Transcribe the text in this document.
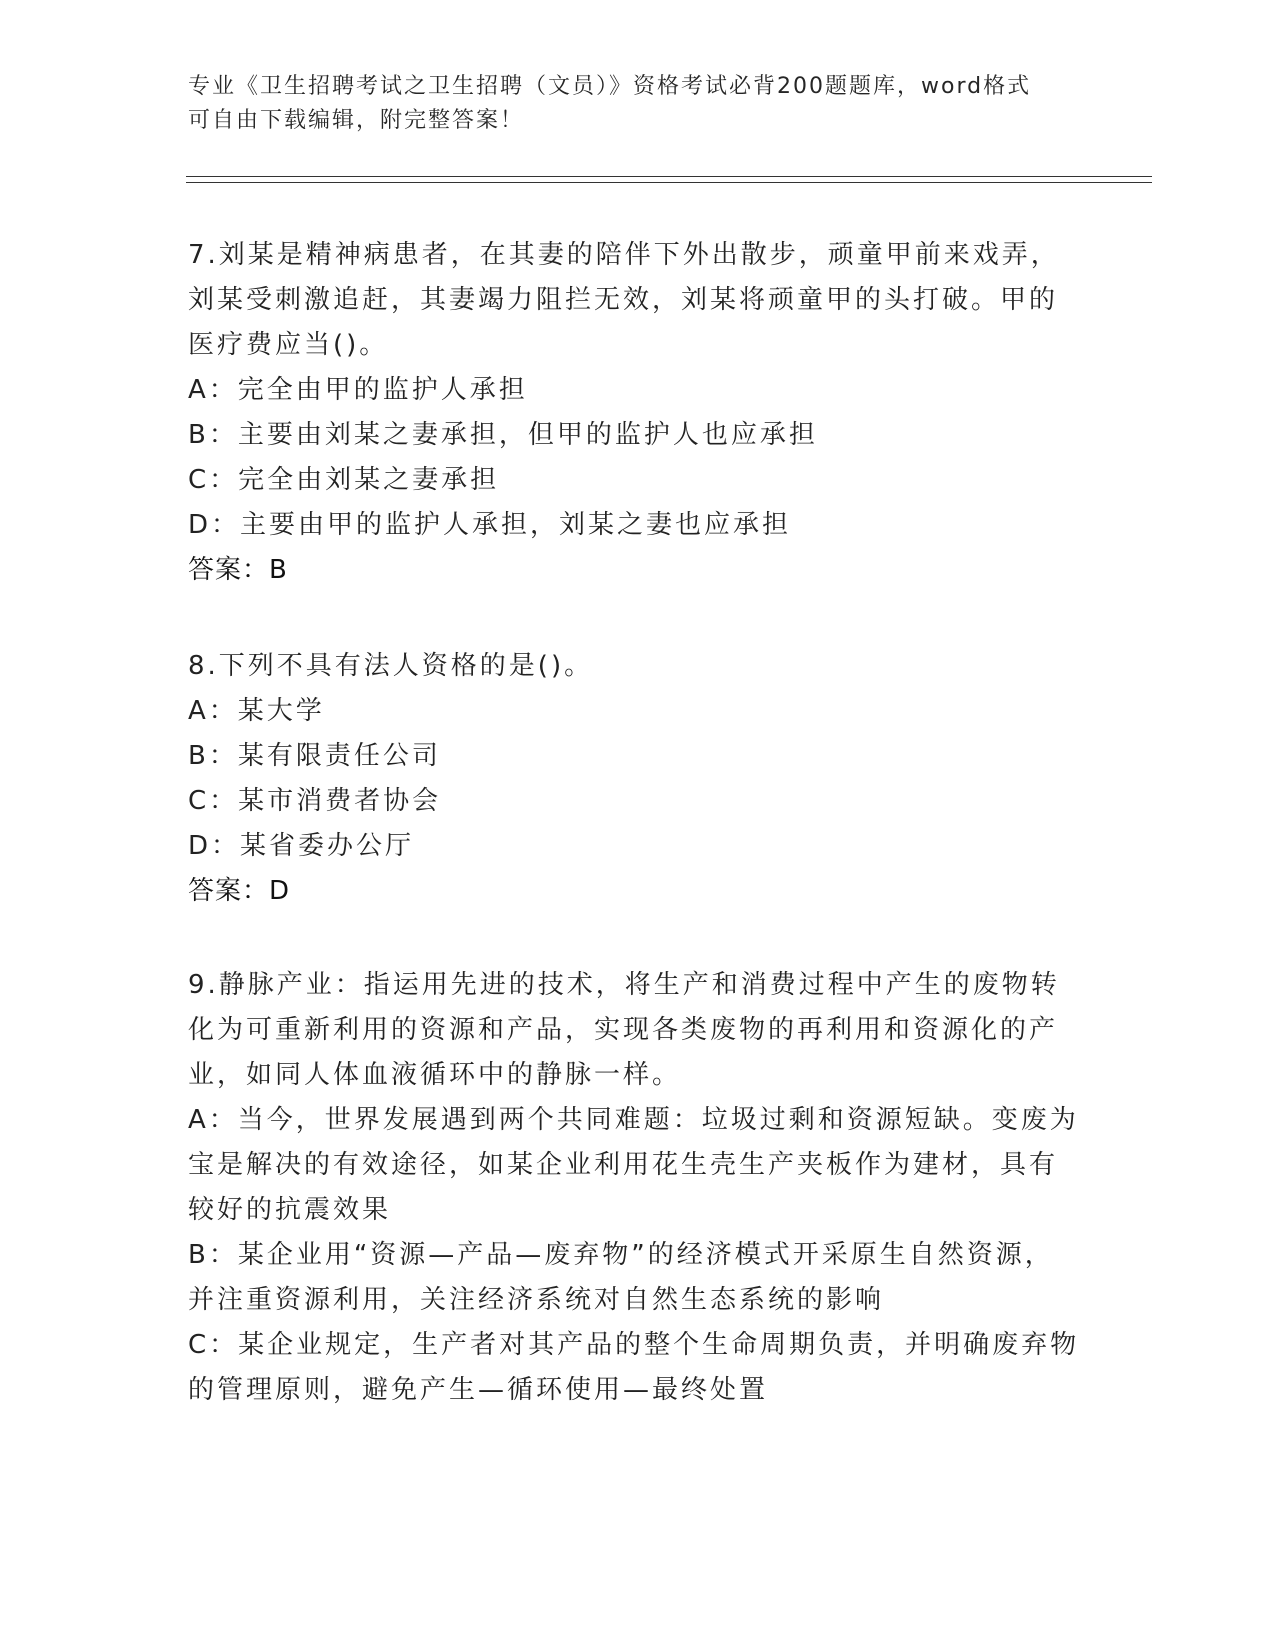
专业《卫生招聘考试之卫生招聘（文员）》资格考试必背200题题库，word格式
可自由下载编辑，附完整答案！
7.刘某是精神病患者，在其妻的陪伴下外出散步，顽童甲前来戏弄，
刘某受刺激追赶，其妻竭力阻拦无效，刘某将顽童甲的头打破。甲的
医疗费应当()。
A：完全由甲的监护人承担
B：主要由刘某之妻承担，但甲的监护人也应承担
C：完全由刘某之妻承担
D：主要由甲的监护人承担，刘某之妻也应承担
答案：B
8.下列不具有法人资格的是()。
A：某大学
B：某有限责任公司
C：某市消费者协会
D：某省委办公厅
答案：D
9.静脉产业：指运用先进的技术，将生产和消费过程中产生的废物转
化为可重新利用的资源和产品，实现各类废物的再利用和资源化的产
业，如同人体血液循环中的静脉一样。
A：当今，世界发展遇到两个共同难题：垃圾过剩和资源短缺。变废为
宝是解决的有效途径，如某企业利用花生壳生产夹板作为建材，具有
较好的抗震效果
B：某企业用“资源—产品—废弃物”的经济模式开采原生自然资源，
并注重资源利用，关注经济系统对自然生态系统的影响
C：某企业规定，生产者对其产品的整个生命周期负责，并明确废弃物
的管理原则，避免产生—循环使用—最终处置
